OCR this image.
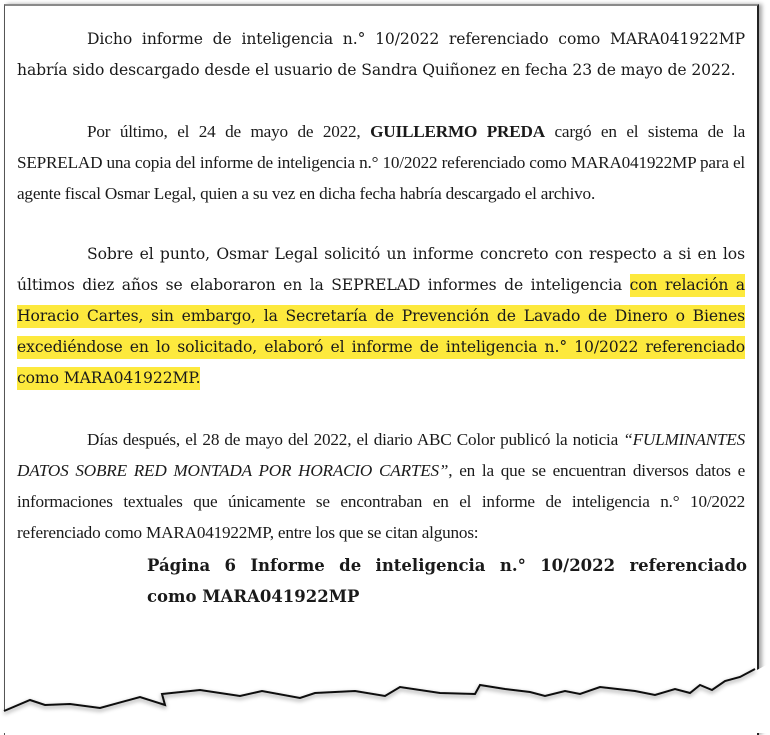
Dicho informe de inteligencia n.° 10/2022 referenciado como MARA041922MP habría sido descargado desde el usuario de Sandra Quiñonez en fecha 23 de mayo de 2022.

Por último, el 24 de mayo de 2022, GUILLERMO PREDA cargó en el sistema de la SEPRELAD una copia del informe de inteligencia n.° 10/2022 referenciado como MARA041922MP para el agente fiscal Osmar Legal, quien a su vez en dicha fecha habría descargado el archivo.

Sobre el punto, Osmar Legal solicitó un informe concreto con respecto a si en los últimos diez años se elaboraron en la SEPRELAD informes de inteligencia con relación a Horacio Cartes, sin embargo, la Secretaría de Prevención de Lavado de Dinero o Bienes excediéndose en lo solicitado, elaboró el informe de inteligencia n.° 10/2022 referenciado como MARA041922MP.

Días después, el 28 de mayo del 2022, el diario ABC Color publicó la noticia “FULMINANTES DATOS SOBRE RED MONTADA POR HORACIO CARTES”, en la que se encuentran diversos datos e informaciones textuales que únicamente se encontraban en el informe de inteligencia n.° 10/2022 referenciado como MARA041922MP, entre los que se citan algunos:

Página 6 Informe de inteligencia n.° 10/2022 referenciado
como MARA041922MP
